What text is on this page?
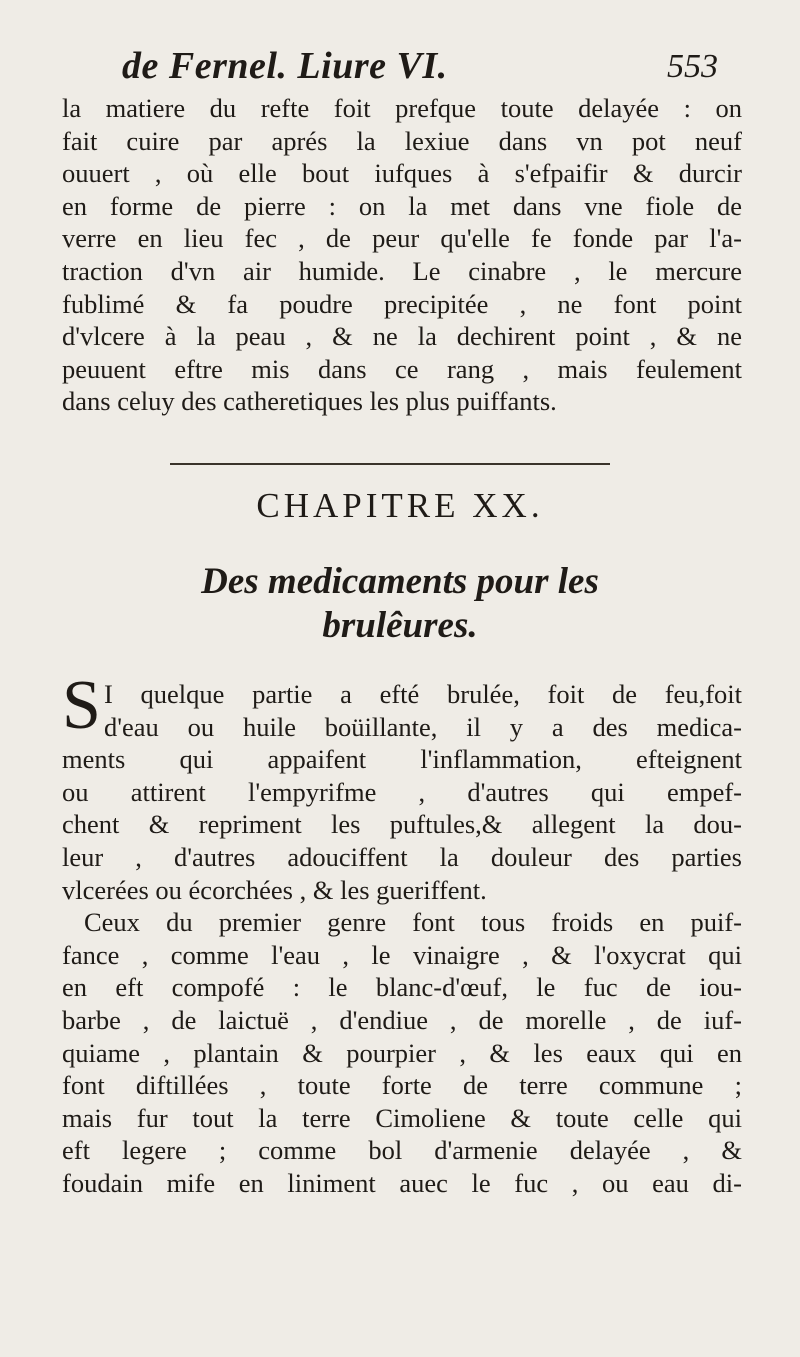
de Fernel. Liure VI.	553
la matiere du refte foit prefque toute delayée : on
fait cuire par aprés la lexiue dans vn pot neuf
ouuert , où elle bout iufques à s'efpaifir & durcir
en forme de pierre : on la met dans vne fiole de
verre en lieu fec , de peur qu'elle fe fonde par l'a-
traction d'vn air humide. Le cinabre , le mercure
fublimé & fa poudre precipitée , ne font point
d'vlcere à la peau , & ne la dechirent point , & ne
peuuent eftre mis dans ce rang , mais feulement
dans celuy des catheretiques les plus puiffants.
CHAPITRE XX.
Des medicaments pour les
brulêures.
S I quelque partie a efté brulée, foit de feu,foit
d'eau ou huile boüillante, il y a des medica-
ments qui appaifent l'inflammation, efteignent
ou attirent l'empyrifme , d'autres qui empef-
chent & repriment les puftules,& allegent la dou-
leur , d'autres adouciffent la douleur des parties
vlcerées ou écorchées , & les gueriffent.
Ceux du premier genre font tous froids en puif-
fance , comme l'eau , le vinaigre , & l'oxycrat qui
en eft compofé : le blanc-d'œuf, le fuc de iou-
barbe , de laictuë , d'endiue , de morelle , de iuf-
quiame , plantain & pourpier , & les eaux qui en
font diftillées , toute forte de terre commune ;
mais fur tout la terre Cimoliene & toute celle qui
eft legere ; comme bol d'armenie delayée , &
foudain mife en liniment auec le fuc , ou eau di-
